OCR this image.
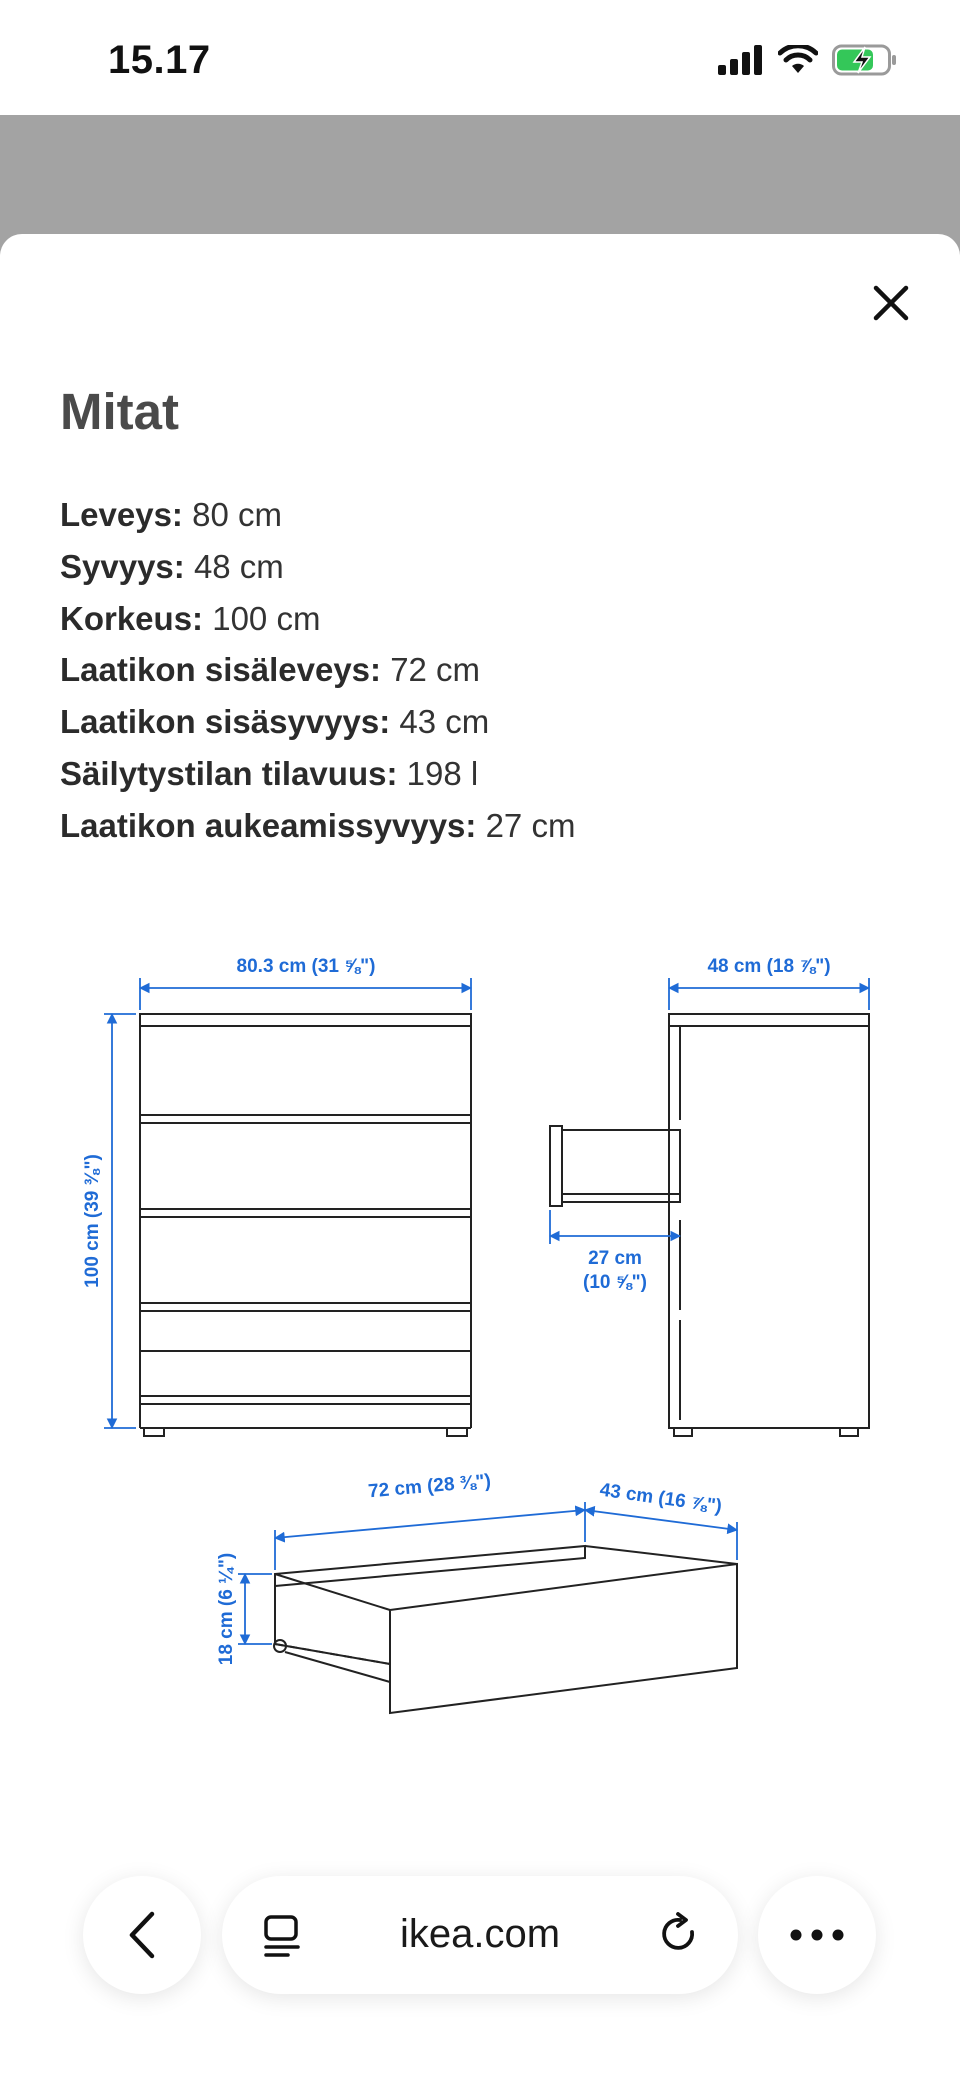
15.17
Mitat
Leveys: 80 cm
Syvyys: 48 cm
Korkeus: 100 cm
Laatikon sisäleveys: 72 cm
Laatikon sisäsyvyys: 43 cm
Säilytystilan tilavuus: 198 l
Laatikon aukeamissyvyys: 27 cm
80.3 cm (31 ⅝")	48 cm (18 ⅞")
100 cm (39 ⅜")	27 cm
(10 ⅝")
72 cm (28 ⅜")	43 cm (16 ⅞")
18 cm (6 ¼")
ikea.com
